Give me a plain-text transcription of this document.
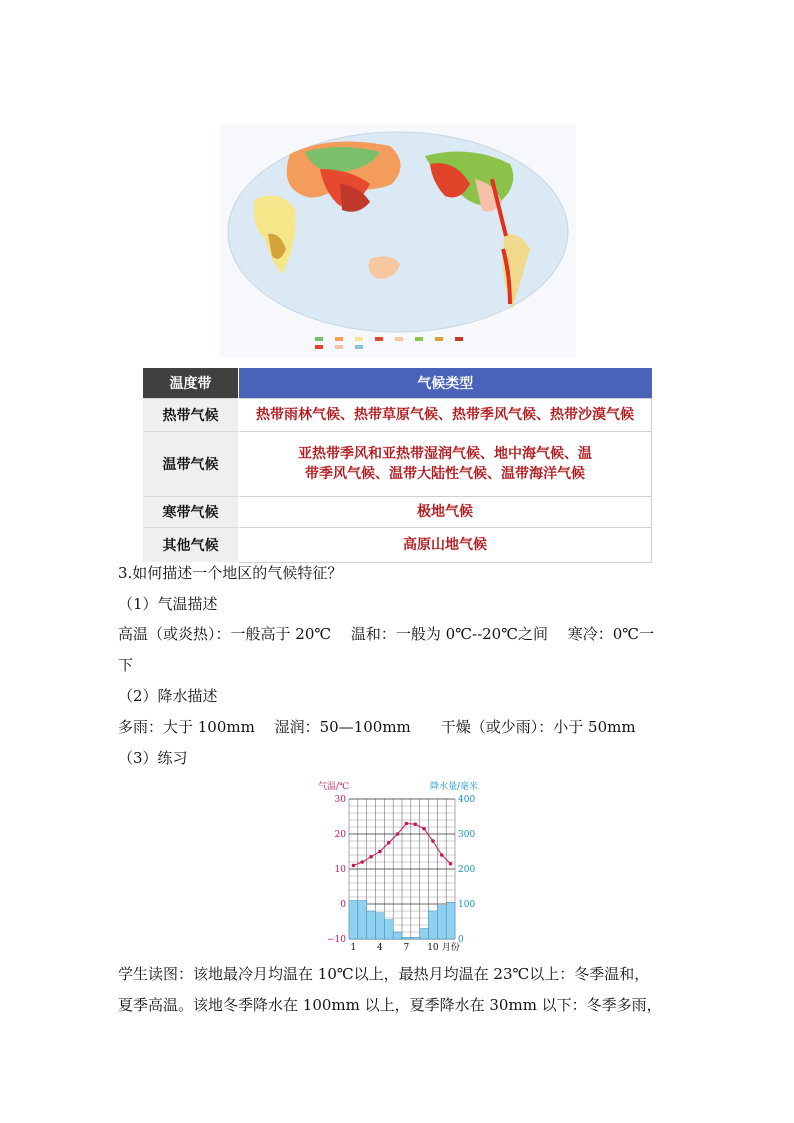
温度带	气候类型
热带气候	热带雨林气候、热带草原气候、热带季风气候、热带沙漠气候

温带气候	亚热带季风和亚热带湿润气候、地中海气候、温
带季风气候、温带大陆性气候、温带海洋气候

寒带气候	极地气候

其他气候	高原山地气候
3.如何描述一个地区的气候特征？
（1）气温描述
高温（或炎热）：一般高于 20℃　 温和：一般为 0℃--20℃之间　 寒冷：0℃一
下
（2）降水描述
多雨：大于 100mm　 湿润：50—100mm　　干燥（或少雨）：小于 50mm
（3）练习
气温/℃	降水量/毫米
30
20
10
0
−10
400
300
200
100
0
1 4 7 10 月份
学生读图：该地最冷月均温在 10℃以上，最热月均温在 23℃以上：冬季温和，
夏季高温。该地冬季降水在 100mm 以上，夏季降水在 30mm 以下：冬季多雨，
